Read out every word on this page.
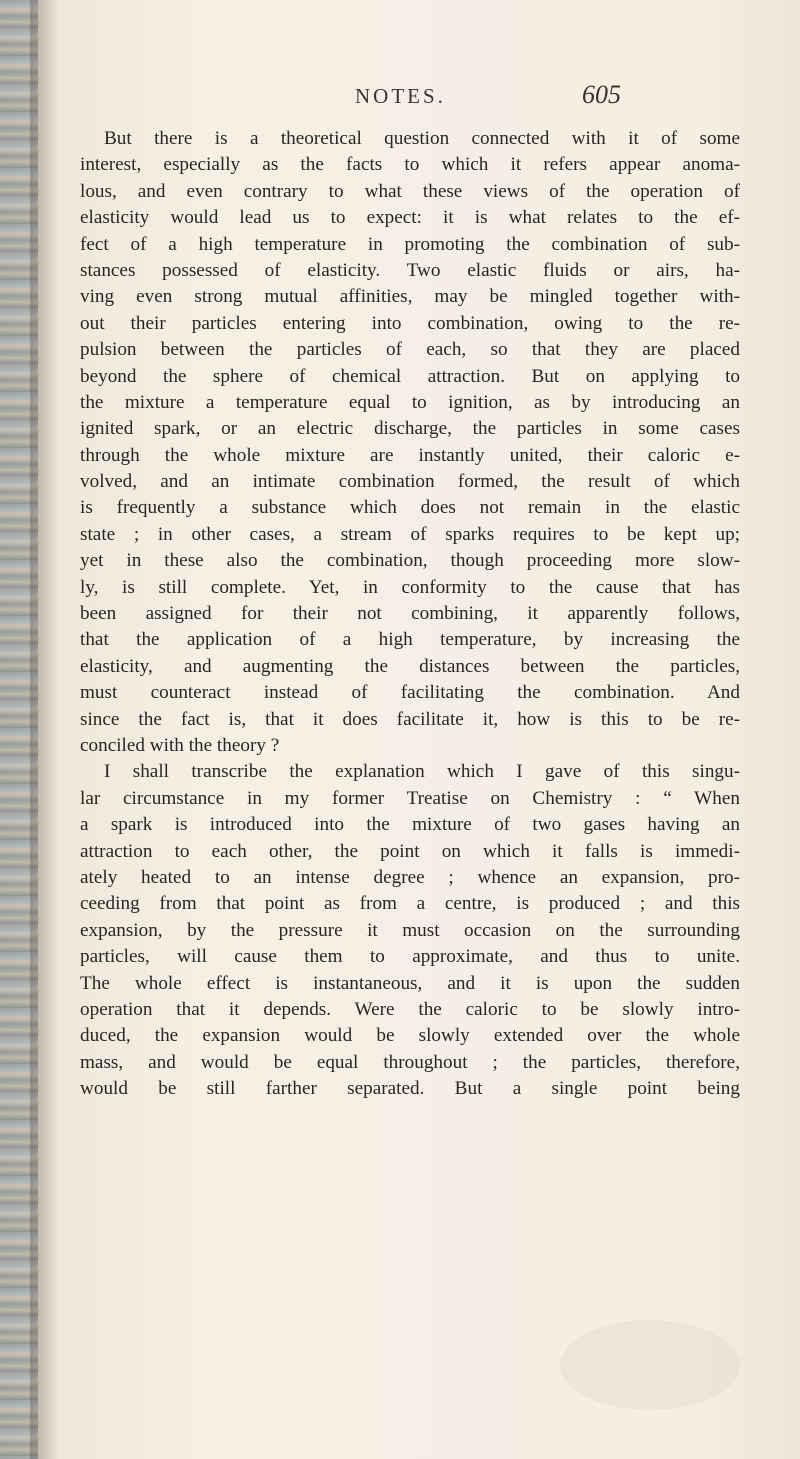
NOTES.	605
But there is a theoretical question connected with it of some
interest, especially as the facts to which it refers appear anoma-
lous, and even contrary to what these views of the operation of
elasticity would lead us to expect: it is what relates to the ef-
fect of a high temperature in promoting the combination of sub-
stances possessed of elasticity. Two elastic fluids or airs, ha-
ving even strong mutual affinities, may be mingled together with-
out their particles entering into combination, owing to the re-
pulsion between the particles of each, so that they are placed
beyond the sphere of chemical attraction. But on applying to
the mixture a temperature equal to ignition, as by introducing an
ignited spark, or an electric discharge, the particles in some cases
through the whole mixture are instantly united, their caloric e-
volved, and an intimate combination formed, the result of which
is frequently a substance which does not remain in the elastic
state ; in other cases, a stream of sparks requires to be kept up;
yet in these also the combination, though proceeding more slow-
ly, is still complete. Yet, in conformity to the cause that has
been assigned for their not combining, it apparently follows,
that the application of a high temperature, by increasing the
elasticity, and augmenting the distances between the particles,
must counteract instead of facilitating the combination. And
since the fact is, that it does facilitate it, how is this to be re-
conciled with the theory ?
I shall transcribe the explanation which I gave of this singu-
lar circumstance in my former Treatise on Chemistry : “ When
a spark is introduced into the mixture of two gases having an
attraction to each other, the point on which it falls is immedi-
ately heated to an intense degree ; whence an expansion, pro-
ceeding from that point as from a centre, is produced ; and this
expansion, by the pressure it must occasion on the surrounding
particles, will cause them to approximate, and thus to unite.
The whole effect is instantaneous, and it is upon the sudden
operation that it depends. Were the caloric to be slowly intro-
duced, the expansion would be slowly extended over the whole
mass, and would be equal throughout ; the particles, therefore,
would be still farther separated. But a single point being
